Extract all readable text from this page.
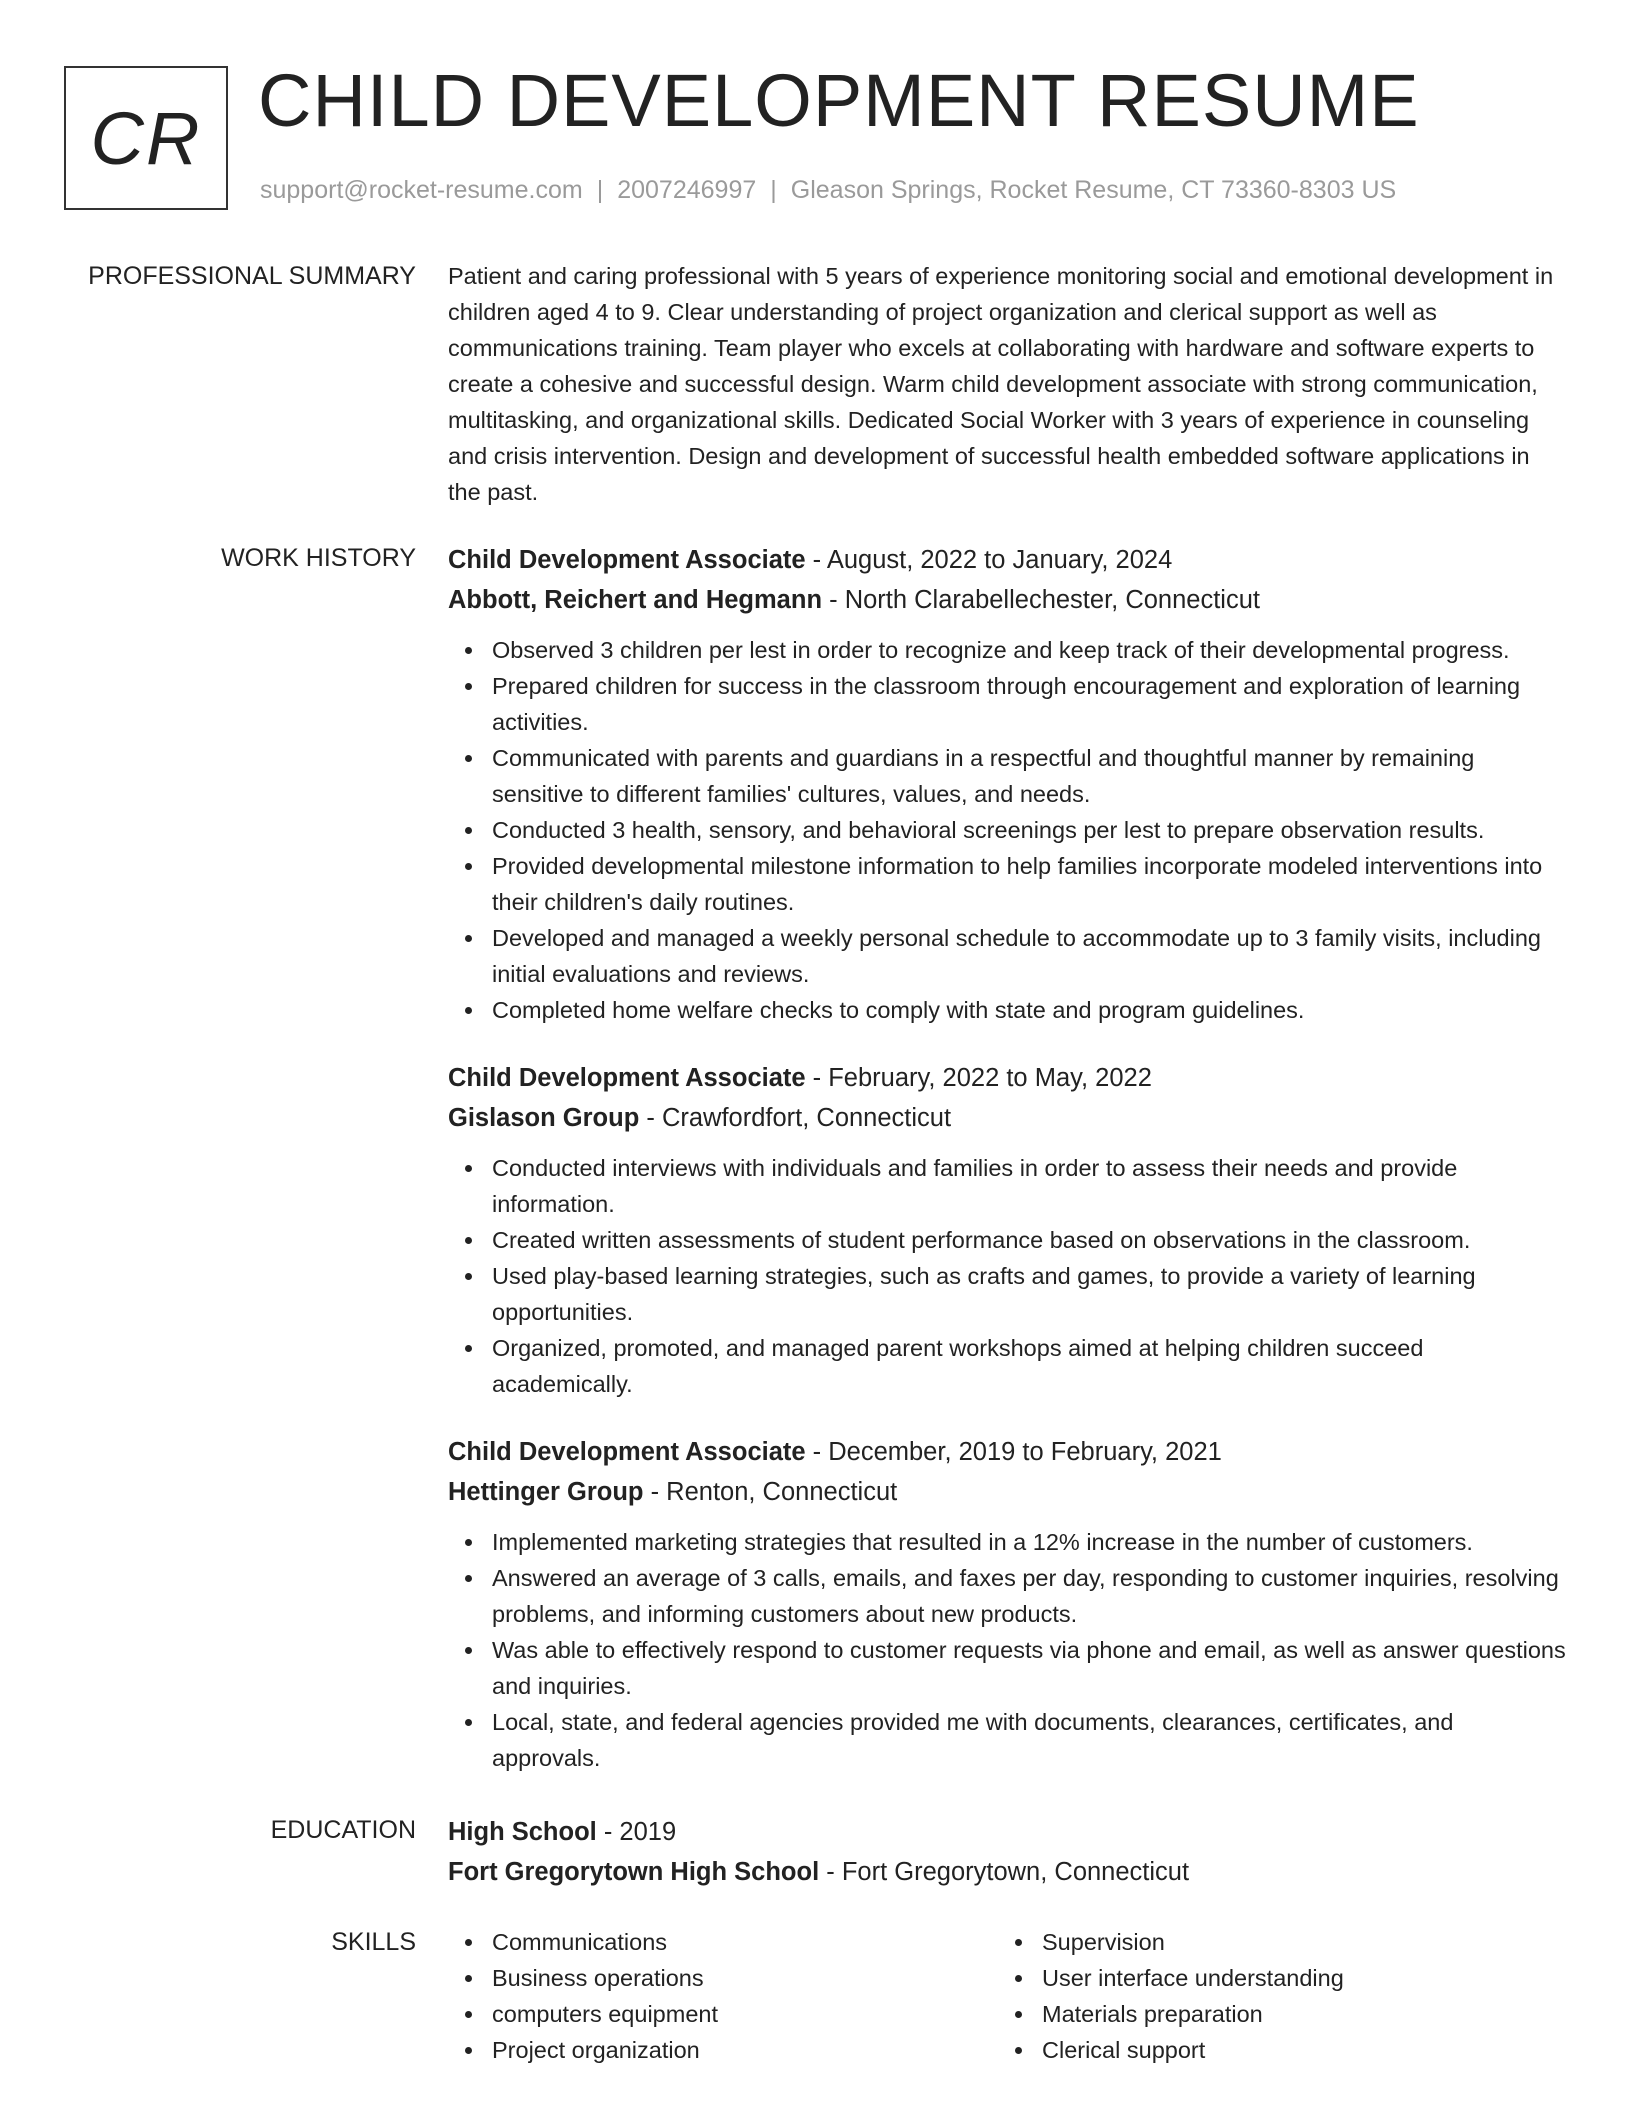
CR CHILD DEVELOPMENT RESUME
support@rocket-resume.com | 2007246997 | Gleason Springs, Rocket Resume, CT 73360-8303 US
PROFESSIONAL SUMMARY Patient and caring professional with 5 years of experience monitoring social and emotional development in children aged 4 to 9. Clear understanding of project organization and clerical support as well as communications training. Team player who excels at collaborating with hardware and software experts to create a cohesive and successful design. Warm child development associate with strong communication, multitasking, and organizational skills. Dedicated Social Worker with 3 years of experience in counseling and crisis intervention. Design and development of successful health embedded software applications in the past.
WORK HISTORY Child Development Associate - August, 2022 to January, 2024
Abbott, Reichert and Hegmann - North Clarabellechester, Connecticut
Observed 3 children per lest in order to recognize and keep track of their developmental progress.
Prepared children for success in the classroom through encouragement and exploration of learning activities.
Communicated with parents and guardians in a respectful and thoughtful manner by remaining sensitive to different families' cultures, values, and needs.
Conducted 3 health, sensory, and behavioral screenings per lest to prepare observation results.
Provided developmental milestone information to help families incorporate modeled interventions into their children's daily routines.
Developed and managed a weekly personal schedule to accommodate up to 3 family visits, including initial evaluations and reviews.
Completed home welfare checks to comply with state and program guidelines.
Child Development Associate - February, 2022 to May, 2022
Gislason Group - Crawfordfort, Connecticut
Conducted interviews with individuals and families in order to assess their needs and provide information.
Created written assessments of student performance based on observations in the classroom.
Used play-based learning strategies, such as crafts and games, to provide a variety of learning opportunities.
Organized, promoted, and managed parent workshops aimed at helping children succeed academically.
Child Development Associate - December, 2019 to February, 2021
Hettinger Group - Renton, Connecticut
Implemented marketing strategies that resulted in a 12% increase in the number of customers.
Answered an average of 3 calls, emails, and faxes per day, responding to customer inquiries, resolving problems, and informing customers about new products.
Was able to effectively respond to customer requests via phone and email, as well as answer questions and inquiries.
Local, state, and federal agencies provided me with documents, clearances, certificates, and approvals.
EDUCATION High School - 2019
Fort Gregorytown High School - Fort Gregorytown, Connecticut
SKILLS	Communications	Supervision
Business operations	User interface understanding
computers equipment	Materials preparation
Project organization	Clerical support
